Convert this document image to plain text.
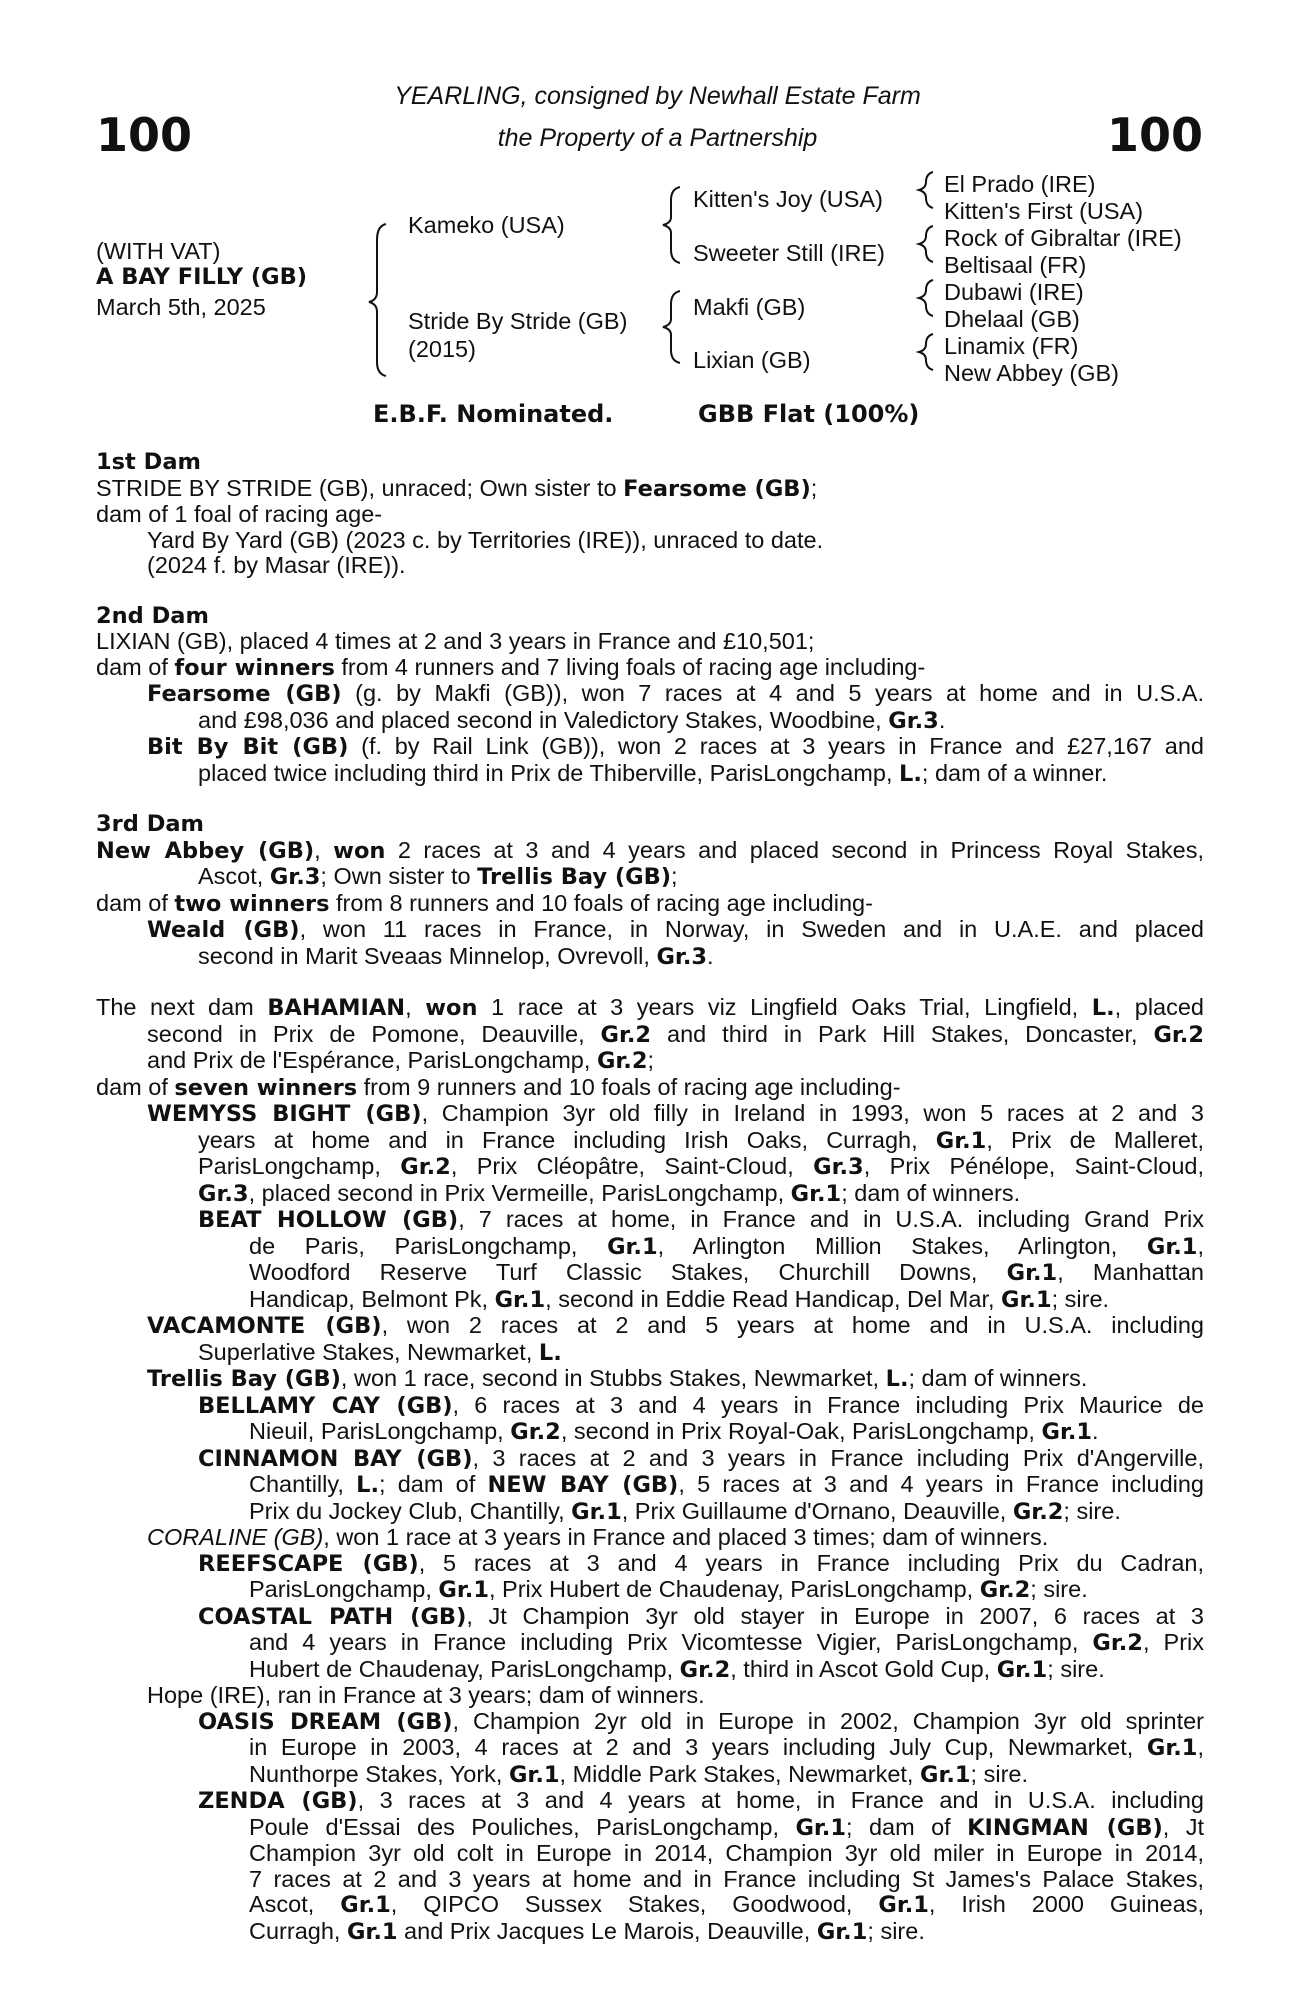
100	100
YEARLING, consigned by Newhall Estate Farm
the Property of a Partnership
(WITH VAT)
A BAY FILLY (GB)
March 5th, 2025
Kameko (USA)
Stride By Stride (GB)
(2015)
Kitten's Joy (USA)
Sweeter Still (IRE)
Makfi (GB)
Lixian (GB)
El Prado (IRE)
Kitten's First (USA)
Rock of Gibraltar (IRE)
Beltisaal (FR)
Dubawi (IRE)
Dhelaal (GB)
Linamix (FR)
New Abbey (GB)
E.B.F. Nominated.	GBB Flat (100%)
1st Dam
STRIDE BY STRIDE (GB), unraced; Own sister to Fearsome (GB);
dam of 1 foal of racing age-
Yard By Yard (GB) (2023 c. by Territories (IRE)), unraced to date.
(2024 f. by Masar (IRE)).
2nd Dam
LIXIAN (GB), placed 4 times at 2 and 3 years in France and £10,501;
dam of four winners from 4 runners and 7 living foals of racing age including-
Fearsome (GB) (g. by Makfi (GB)), won 7 races at 4 and 5 years at home and in U.S.A.
and £98,036 and placed second in Valedictory Stakes, Woodbine, Gr.3.
Bit By Bit (GB) (f. by Rail Link (GB)), won 2 races at 3 years in France and £27,167 and
placed twice including third in Prix de Thiberville, ParisLongchamp, L.; dam of a winner.
3rd Dam
New Abbey (GB), won 2 races at 3 and 4 years and placed second in Princess Royal Stakes,
Ascot, Gr.3; Own sister to Trellis Bay (GB);
dam of two winners from 8 runners and 10 foals of racing age including-
Weald (GB), won 11 races in France, in Norway, in Sweden and in U.A.E. and placed
second in Marit Sveaas Minnelop, Ovrevoll, Gr.3.
The next dam BAHAMIAN, won 1 race at 3 years viz Lingfield Oaks Trial, Lingfield, L., placed
second in Prix de Pomone, Deauville, Gr.2 and third in Park Hill Stakes, Doncaster, Gr.2
and Prix de l'Espérance, ParisLongchamp, Gr.2;
dam of seven winners from 9 runners and 10 foals of racing age including-
WEMYSS BIGHT (GB), Champion 3yr old filly in Ireland in 1993, won 5 races at 2 and 3
years at home and in France including Irish Oaks, Curragh, Gr.1, Prix de Malleret,
ParisLongchamp, Gr.2, Prix Cléopâtre, Saint-Cloud, Gr.3, Prix Pénélope, Saint-Cloud,
Gr.3, placed second in Prix Vermeille, ParisLongchamp, Gr.1; dam of winners.
BEAT HOLLOW (GB), 7 races at home, in France and in U.S.A. including Grand Prix
de Paris, ParisLongchamp, Gr.1, Arlington Million Stakes, Arlington, Gr.1,
Woodford Reserve Turf Classic Stakes, Churchill Downs, Gr.1, Manhattan
Handicap, Belmont Pk, Gr.1, second in Eddie Read Handicap, Del Mar, Gr.1; sire.
VACAMONTE (GB), won 2 races at 2 and 5 years at home and in U.S.A. including
Superlative Stakes, Newmarket, L.
Trellis Bay (GB), won 1 race, second in Stubbs Stakes, Newmarket, L.; dam of winners.
BELLAMY CAY (GB), 6 races at 3 and 4 years in France including Prix Maurice de
Nieuil, ParisLongchamp, Gr.2, second in Prix Royal-Oak, ParisLongchamp, Gr.1.
CINNAMON BAY (GB), 3 races at 2 and 3 years in France including Prix d'Angerville,
Chantilly, L.; dam of NEW BAY (GB), 5 races at 3 and 4 years in France including
Prix du Jockey Club, Chantilly, Gr.1, Prix Guillaume d'Ornano, Deauville, Gr.2; sire.
CORALINE (GB), won 1 race at 3 years in France and placed 3 times; dam of winners.
REEFSCAPE (GB), 5 races at 3 and 4 years in France including Prix du Cadran,
ParisLongchamp, Gr.1, Prix Hubert de Chaudenay, ParisLongchamp, Gr.2; sire.
COASTAL PATH (GB), Jt Champion 3yr old stayer in Europe in 2007, 6 races at 3
and 4 years in France including Prix Vicomtesse Vigier, ParisLongchamp, Gr.2, Prix
Hubert de Chaudenay, ParisLongchamp, Gr.2, third in Ascot Gold Cup, Gr.1; sire.
Hope (IRE), ran in France at 3 years; dam of winners.
OASIS DREAM (GB), Champion 2yr old in Europe in 2002, Champion 3yr old sprinter
in Europe in 2003, 4 races at 2 and 3 years including July Cup, Newmarket, Gr.1,
Nunthorpe Stakes, York, Gr.1, Middle Park Stakes, Newmarket, Gr.1; sire.
ZENDA (GB), 3 races at 3 and 4 years at home, in France and in U.S.A. including
Poule d'Essai des Pouliches, ParisLongchamp, Gr.1; dam of KINGMAN (GB), Jt
Champion 3yr old colt in Europe in 2014, Champion 3yr old miler in Europe in 2014,
7 races at 2 and 3 years at home and in France including St James's Palace Stakes,
Ascot, Gr.1, QIPCO Sussex Stakes, Goodwood, Gr.1, Irish 2000 Guineas,
Curragh, Gr.1 and Prix Jacques Le Marois, Deauville, Gr.1; sire.
